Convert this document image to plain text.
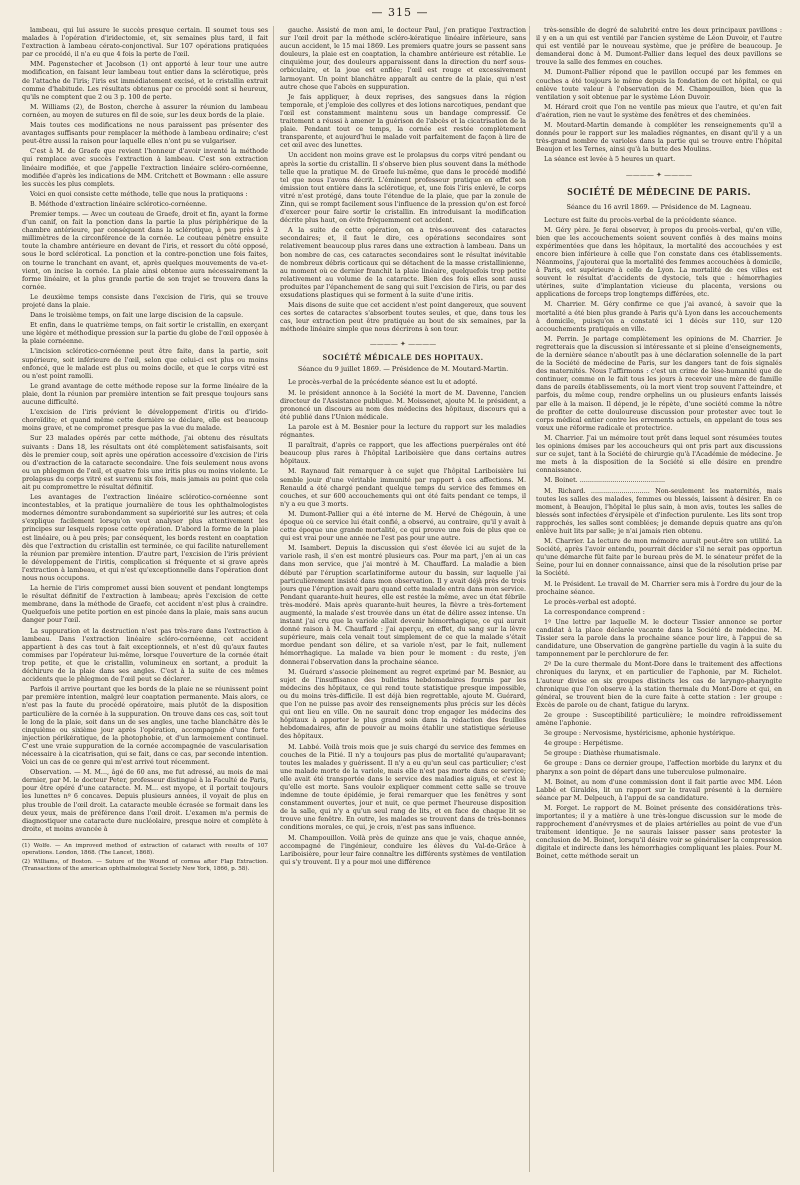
— 315 —

lambeau, qui lui assure le succès presque certain. Il soumet tous ses malades à l'opération d'iridectomie, et, six semaines plus tard, il fait l'extraction à lambeau cérato-conjonctival. Sur 107 opérations pratiquées par ce procédé, il n'a eu que 4 fois la perte de l'œil.

MM. Pagenstecher et Jacobson (1) ont apporté à leur tour une autre modification, en faisant leur lambeau tout entier dans la sclérotique, près de l'attache de l'iris; l'iris est immédiatement excisé, et le cristallin extrait comme d'habitude. Les résultats obtenus par ce procédé sont si heureux, qu'ils ne comptent que 2 ou 3 p. 100 de perte.

M. Williams (2), de Boston, cherche à assurer la réunion du lambeau cornéen, au moyen de sutures en fil de soie, sur les deux bords de la plaie.

Mais toutes ces modifications ne nous paraissent pas présenter des avantages suffisants pour remplacer la méthode à lambeau ordinaire; c'est peut-être aussi la raison pour laquelle elles n'ont pu se vulgariser.

C'est à M. de Graefe que revient l'honneur d'avoir inventé la méthode qui remplace avec succès l'extraction à lambeau. C'est son extraction linéaire modifiée, et que j'appelle l'extraction linéaire scléro-cornéenne, modifiée d'après les indications de MM. Critchett et Bowmann : elle assure les succès les plus complets.

Voici en quoi consiste cette méthode, telle que nous la pratiquons :

B. Méthode d'extraction linéaire scléroticо-cornéenne.

Premier temps. — Avec un couteau de Graefe, droit et fin, ayant la forme d'un canif, on fait la ponction dans la partie la plus périphérique de la chambre antérieure, par conséquent dans la sclérotique, à peu près à 2 millimètres de la circonférence de la cornée. Le couteau pénètre ensuite toute la chambre antérieure en devant de l'iris, et ressort du côté opposé, sous le bord sclérotical. La ponction et la contre-ponction une fois faites, on tourne le tranchant en avant, et, après quelques mouvements de va-et-vient, on incise la cornée. La plaie ainsi obtenue aura nécessairement la forme linéaire, et la plus grande partie de son trajet se trouvera dans la cornée.

Le deuxième temps consiste dans l'excision de l'iris, qui se trouve projeté dans la plaie.

Dans le troisième temps, on fait une large discision de la capsule.

Et enfin, dans le quatrième temps, on fait sortir le cristallin, en exerçant une légère et méthodique pression sur la partie du globe de l'œil opposée à la plaie cornéenne.

L'incision scléroticо-cornéenne peut être faite, dans la partie, soit supérieure, soit inférieure de l'œil, selon que celui-ci est plus ou moins enfoncé, que le malade est plus ou moins docile, et que le corps vitré est ou n'est point ramolli.

Le grand avantage de cette méthode repose sur la forme linéaire de la plaie, dont la réunion par première intention se fait presque toujours sans aucune difficulté.

L'excision de l'iris prévient le développement d'iritis ou d'irido-choroïdite; et quand même cette dernière se déclare, elle est beaucoup moins grave, et ne compromet presque pas la vue du malade.

Sur 23 malades opérés par cette méthode, j'ai obtenu des résultats suivants : Dans 18, les résultats ont été complètement satisfaisants, soit dès le premier coup, soit après une opération accessoire d'excision de l'iris ou d'extraction de la cataracte secondaire. Une fois seulement nous avons eu un phlegmon de l'œil, et quatre fois une iritis plus ou moins violente. Le prolapsus du corps vitré est survenu six fois, mais jamais au point que cela ait pu compromettre le résultat définitif.

Les avantages de l'extraction linéaire scléroticо-cornéenne sont incontestables, et la pratique journalière de tous les ophthalmologistes modernes démontre surabondamment sa supériorité sur les autres; et cela s'explique facilement lorsqu'on veut analyser plus attentivement les principes sur lesquels repose cette opération. D'abord la forme de la plaie est linéaire, ou à peu près; par conséquent, les bords restent en coaptation dès que l'extraction du cristallin est terminée, ce qui facilite naturellement la réunion par première intention. D'autre part, l'excision de l'iris prévient le développement de l'iritis, complication si fréquente et si grave après l'extraction à lambeau, et qui n'est qu'exceptionnelle dans l'opération dont nous nous occupons.

La hernie de l'iris compromet aussi bien souvent et pendant longtemps le résultat définitif de l'extraction à lambeau; après l'excision de cette membrane, dans la méthode de Graefe, cet accident n'est plus à craindre. Quelquefois une petite portion en est pincée dans la plaie, mais sans aucun danger pour l'œil.

La suppuration et la destruction n'est pas très-rare dans l'extraction à lambeau. Dans l'extraction linéaire scléro-cornéenne, cet accident appartient à des cas tout à fait exceptionnels, et n'est dû qu'aux fautes commises par l'opérateur lui-même, lorsque l'ouverture de la cornée était trop petite, et que le cristallin, volumineux en sortant, a produit la déchirure de la plaie dans ses angles. C'est à la suite de ces mêmes accidents que le phlegmon de l'œil peut se déclarer.

Parfois il arrive pourtant que les bords de la plaie ne se réunissent point par première intention, malgré leur coaptation permanente. Mais alors, ce n'est pas la faute du procédé opératoire, mais plutôt de la disposition particulière de la cornée à la suppuration. On trouve dans ces cas, soit tout le long de la plaie, soit dans un de ses angles, une tache blanchâtre dès le cinquième ou sixième jour après l'opération, accompagnée d'une forte injection périkératique, de la photophobie, et d'un larmoiement continuel. C'est une vraie suppuration de la cornée accompagnée de vascularisation nécessaire à la cicatrisation, qui se fait, dans ce cas, par seconde intention. Voici un cas de ce genre qui m'est arrivé tout récemment.

Observation. — M. M..., âgé de 60 ans, me fut adressé, au mois de mai dernier, par M. le docteur Peter, professeur distingué à la Faculté de Paris, pour être opéré d'une cataracte. M. M... est myope, et il portait toujours les lunettes nº 6 concaves. Depuis plusieurs années, il voyait de plus en plus trouble de l'œil droit. La cataracte meuble écrasée se formait dans les deux yeux, mais de préférence dans l'œil droit. L'examen m'a permis de diagnostiquer une cataracte dure nucléolaire, presque noire et complète à droite, et moins avancée à

(1) Wolfe. — An improved method of extraction of cataract with results of 107 operations. London, 1868. (The Lancet, 1868).

(2) Williams, of Boston. — Suture of the Wound of cornea after Flap Extraction. (Transactions of the american ophthalmological Society New York, 1866, p. 58).

gauche. Assisté de mon ami, le docteur Paul, j'en pratique l'extraction sur l'œil droit par la méthode scléro-kératique linéaire inférieure, sans aucun accident, le 15 mai 1869. Les premiers quatre jours se passent sans douleurs, la plaie est en coaptation, la chambre antérieure est rétablie. Le cinquième jour, des douleurs apparaissent dans la direction du nerf sous-orbiculaire, et la joue est enflée; l'œil est rouge et excessivement larmoyant. Un point blanchâtre apparaît au centre de la plaie, qui n'est autre chose que l'abcès en suppuration.

Je fais appliquer, à deux reprises, des sangsues dans la région temporale, et j'emploie des collyres et des lotions narcotiques, pendant que l'œil est constamment maintenu sous un bandage compressif. Ce traitement a réussi à amener la guérison de l'abcès et la cicatrisation de la plaie. Pendant tout ce temps, la cornée est restée complètement transparente, et aujourd'hui le malade voit parfaitement de façon à lire de cet œil avec des lunettes.

Un accident non moins grave est le prolapsus du corps vitré pendant ou après la sortie du cristallin. Il s'observe bien plus souvent dans la méthode telle que la pratique M. de Graefe lui-même, que dans le procédé modifié tel que nous l'avons décrit. L'éminent professeur pratique en effet son émission tout entière dans la sclérotique, et, une fois l'iris enlevé, le corps vitré n'est protégé, dans toute l'étendue de la plaie, que par la zonule de Zinn, qui se rompt facilement sous l'influence de la pression qu'on est forcé d'exercer pour faire sortir le cristallin. En introduisant la modification décrite plus haut, on évite fréquemment cet accident.

A la suite de cette opération, on a très-souvent des cataractes secondaires; et, il faut le dire, ces opérations secondaires sont relativement beaucoup plus rares dans une extraction à lambeau. Dans un bon nombre de cas, ces cataractes secondaires sont le résultat inévitable de nombreux débris corticaux qui se détachent de la masse cristallinienne, au moment où ce dernier franchit la plaie linéaire, quelquefois trop petite relativement au volume de la cataracte. Bien des fois elles sont aussi produites par l'épanchement de sang qui suit l'excision de l'iris, ou par des exsudations plastiques qui se forment à la suite d'une iritis.

Mais disons de suite que cet accident n'est point dangereux, que souvent ces sortes de cataractes s'absorbent toutes seules, et que, dans tous les cas, leur extraction peut être pratiquée au bout de six semaines, par la méthode linéaire simple que nous décrirons à son tour.

———— ✦ ————
SOCIÉTÉ MÉDICALE DES HOPITAUX.
Séance du 9 juillet 1869. — Présidence de M. Moutard-Martin.

Le procès-verbal de la précédente séance est lu et adopté.

M. le président annonce à la Société la mort de M. Davenne, l'ancien directeur de l'Assistance publique. M. Moissenet, ajoute M. le président, a prononcé un discours au nom des médecins des hôpitaux, discours qui a été publié dans l'Union médicale.

La parole est à M. Besnier pour la lecture du rapport sur les maladies régnantes.

Il paraîtrait, d'après ce rapport, que les affections puerpérales ont été beaucoup plus rares à l'hôpital Lariboisière que dans certains autres hôpitaux.

M. Raynaud fait remarquer à ce sujet que l'hôpital Lariboisière lui semble jouir d'une véritable immunité par rapport à ces affections. M. Renauld a été chargé pendant quelque temps du service des femmes en couches, et sur 600 accouchements qui ont été faits pendant ce temps, il n'y a eu que 3 morts.

M. Dumont-Pallier qui a été interne de M. Hervé de Chégouin, à une époque où ce service lui était confié, a observé, au contraire, qu'il y avait à cette époque une grande mortalité, ce qui prouve une fois de plus que ce qui est vrai pour une année ne l'est pas pour une autre.

M. Isambert. Depuis la discussion qui s'est élevée ici au sujet de la variole rash, il s'en est montré plusieurs cas. Pour ma part, j'en ai un cas dans mon service, que j'ai montré à M. Chauffard. La maladie a bien débuté par l'éruption scarlatiniforme autour du bassin, sur laquelle j'ai particulièrement insisté dans mon observation. Il y avait déjà près de trois jours que l'éruption avait paru quand cette malade entra dans mon service. Pendant quarante-huit heures, elle est restée la même, avec un état fébrile très-modéré. Mais après quarante-huit heures, la fièvre a très-fortement augmenté, la malade s'est trouvée dans un état de délire assez intense. Un instant j'ai cru que la variole allait devenir hémorrhagique, ce qui aurait donné raison à M. Chauffard : j'ai aperçu, en effet, du sang sur la lèvre supérieure, mais cela venait tout simplement de ce que la malade s'était mordue pendant son délire, et sa variole n'est, par le fait, nullement hémorrhagique. La malade va bien pour le moment : du reste, j'en donnerai l'observation dans la prochaine séance.

M. Guérard s'associe pleinement au regret exprimé par M. Besnier, au sujet de l'insuffisance des bulletins hebdomadaires fournis par les médecins des hôpitaux, ce qui rend toute statistique presque impossible, ou du moins très-difficile. Il est déjà bien regrettable, ajoute M. Guérard, que l'on ne puisse pas avoir des renseignements plus précis sur les décès qui ont lieu en ville. On ne saurait donc trop engager les médecins des hôpitaux à apporter le plus grand soin dans la rédaction des feuilles hebdomadaires, afin de pouvoir au moins établir une statistique sérieuse des hôpitaux.

M. Labbé. Voilà trois mois que je suis chargé du service des femmes en couches de la Pitié. Il n'y a toujours pas plus de mortalité qu'auparavant; toutes les malades y guérissent. Il n'y a eu qu'un seul cas particulier; c'est une malade morte de la variole, mais elle n'est pas morte dans ce service; elle avait été transportée dans le service des maladies aiguës, et c'est là qu'elle est morte. Sans vouloir expliquer comment cette salle se trouve indemne de toute épidémie, je ferai remarquer que les fenêtres y sont constamment ouvertes, jour et nuit, ce que permet l'heureuse disposition de la salle, qui n'y a qu'un seul rang de lits, et en face de chaque lit se trouve une fenêtre. En outre, les malades se trouvent dans de très-bonnes conditions morales, ce qui, je crois, n'est pas sans influence.

M. Champouillon. Voilà près de quinze ans que je vais, chaque année, accompagné de l'ingénieur, conduire les élèves du Val-de-Grâce à Lariboisière, pour leur faire connaître les différents systèmes de ventilation qui s'y trouvent. Il y a pour moi une différence

très-sensible de degré de salubrité entre les deux principaux pavillons : il y en a un qui est ventilé par l'ancien système de Léon Duvoir, et l'autre qui est ventilé par le nouveau système, que je préfère de beaucoup. Je demanderai donc à M. Dumont-Pallier dans lequel des deux pavillons se trouve la salle des femmes en couches.

M. Dumont-Pallier répond que le pavillon occupé par les femmes en couches a été toujours le même depuis la fondation de cet hôpital, ce qui enlève toute valeur à l'observation de M. Champouillon, bien que la ventilation y soit obtenue par le système Léon Duvoir.

M. Hérard croit que l'on ne ventile pas mieux que l'autre, et qu'en fait d'aération, rien ne vaut le système des fenêtres et des cheminées.

M. Moutard-Martin demande à compléter les renseignements qu'il a donnés pour le rapport sur les maladies régnantes, en disant qu'il y a un très-grand nombre de varioles dans la partie qui se trouve entre l'hôpital Beaujon et les Ternes, ainsi qu'à la butte des Moulins.

La séance est levée à 5 heures un quart.

———— ✦ ————
SOCIÉTÉ DE MÉDECINE DE PARIS.
Séance du 16 avril 1869. — Présidence de M. Lagneau.

Lecture est faite du procès-verbal de la précédente séance.

M. Géry père. Je ferai observer, à propos du procès-verbal, qu'en ville, bien que les accouchements soient souvent confiés à des mains moins expérimentées que dans les hôpitaux, la mortalité des accouchées y est encore bien inférieure à celle que l'on constate dans ces établissements. Néanmoins, j'ajouterai que la mortalité des femmes accouchées à domicile, à Paris, est supérieure à celle de Lyon. La mortalité de ces villes est souvent le résultat d'accidents de dystocie, tels que : hémorrhagies utérines, suite d'implantation vicieuse du placenta, versions ou applications de forceps trop longtemps différées, etc.

M. Charrier. M. Géry confirme ce que j'ai avancé, à savoir que la mortalité a été bien plus grande à Paris qu'à Lyon dans les accouchements à domicile, puisqu'on a constaté ici 1 décès sur 110, sur 120 accouchements pratiqués en ville.

M. Perrin. Je partage complètement les opinions de M. Charrier. Je regretterais que la discussion si intéressante et si pleine d'enseignements, de la dernière séance n'aboutît pas à une déclaration solennelle de la part de la Société de médecine de Paris, sur les dangers tant de fois signalés des maternités. Nous l'affirmons : c'est un crime de lèse-humanité que de continuer, comme on le fait tous les jours à recevoir une mère de famille dans de pareils établissements, où la mort vient trop souvent l'atteindre, et parfois, du même coup, rendre orphelins un ou plusieurs enfants laissés par elle à la maison. Il dépend, je le répète, d'une société comme la nôtre de profiter de cette douloureuse discussion pour protester avec tout le corps médical entier contre les errements actuels, en appelant de tous ses vœux une réforme radicale et protectrice.

M. Charrier. J'ai un mémoire tout prêt dans lequel sont résumées toutes les opinions émises par les accoucheurs qui ont pris part aux discussions sur ce sujet, tant à la Société de chirurgie qu'à l'Académie de médecine. Je me mets à la disposition de la Société si elle désire en prendre connaissance.

M. Boinet. ..........................................

M. Richard. ............................. Non-seulement les maternités, mais toutes les salles des malades, femmes ou blessés, laissent à désirer. En ce moment, à Beaujon, l'hôpital le plus sain, à mon avis, toutes les salles de blessés sont infectées d'érysipèle et d'infection purulente. Les lits sont trop rapprochés, les salles sont comblées; je demande depuis quatre ans qu'on enlève huit lits par salle; je n'ai jamais rien obtenu.

M. Charrier. La lecture de mon mémoire aurait peut-être son utilité. La Société, après l'avoir entendu, pourrait décider s'il ne serait pas opportun qu'une démarche fût faite par le bureau près de M. le sénateur préfet de la Seine, pour lui en donner connaissance, ainsi que de la résolution prise par la Société.

M. le Président. Le travail de M. Charrier sera mis à l'ordre du jour de la prochaine séance.

Le procès-verbal est adopté.

La correspondance comprend :

1º Une lettre par laquelle M. le docteur Tissier annonce se porter candidat à la place déclarée vacante dans la Société de médecine. M. Tissier sera la parole dans la prochaine séance pour lire, à l'appui de sa candidature, une Observation de gangrène partielle du vagin à la suite du tamponnement par le perchlorure de fer.

2º De la cure thermale du Mont-Dore dans le traitement des affections chroniques du larynx, et en particulier de l'aphonie, par M. Richelot. L'auteur divise en six groupes distincts les cas de laryngo-pharyngite chronique que l'on observe à la station thermale du Mont-Dore et qui, en général, se trouvent bien de la cure faite à cette station : 1er groupe : Excès de parole ou de chant, fatigue du larynx.

2e groupe : Susceptibilité particulière; le moindre refroidissement amène l'aphonie.

3e groupe : Nervosisme, hystéricisme, aphonie hystérique.

4e groupe : Herpétisme.

5e groupe : Diathèse rhumatismale.

6e groupe : Dans ce dernier groupe, l'affection morbide du larynx et du pharynx a son point de départ dans une tuberculose pulmonaire.

M. Boinet, au nom d'une commission dont il fait partie avec MM. Léon Labbé et Giraldès, lit un rapport sur le travail présenté à la dernière séance par M. Delpeuch, à l'appui de sa candidature.

M. Forget. Le rapport de M. Boinet présente des considérations très-importantes; il y a matière à une très-longue discussion sur le mode de rapprochement d'anévrysmes et de plaies artérielles au point de vue d'un traitement identique. Je ne saurais laisser passer sans protester la conclusion de M. Boinet, lorsqu'il désire voir se généraliser la compression digitale et indirecte dans les hémorrhagies compliquant les plaies. Pour M. Boinet, cette méthode serait un
